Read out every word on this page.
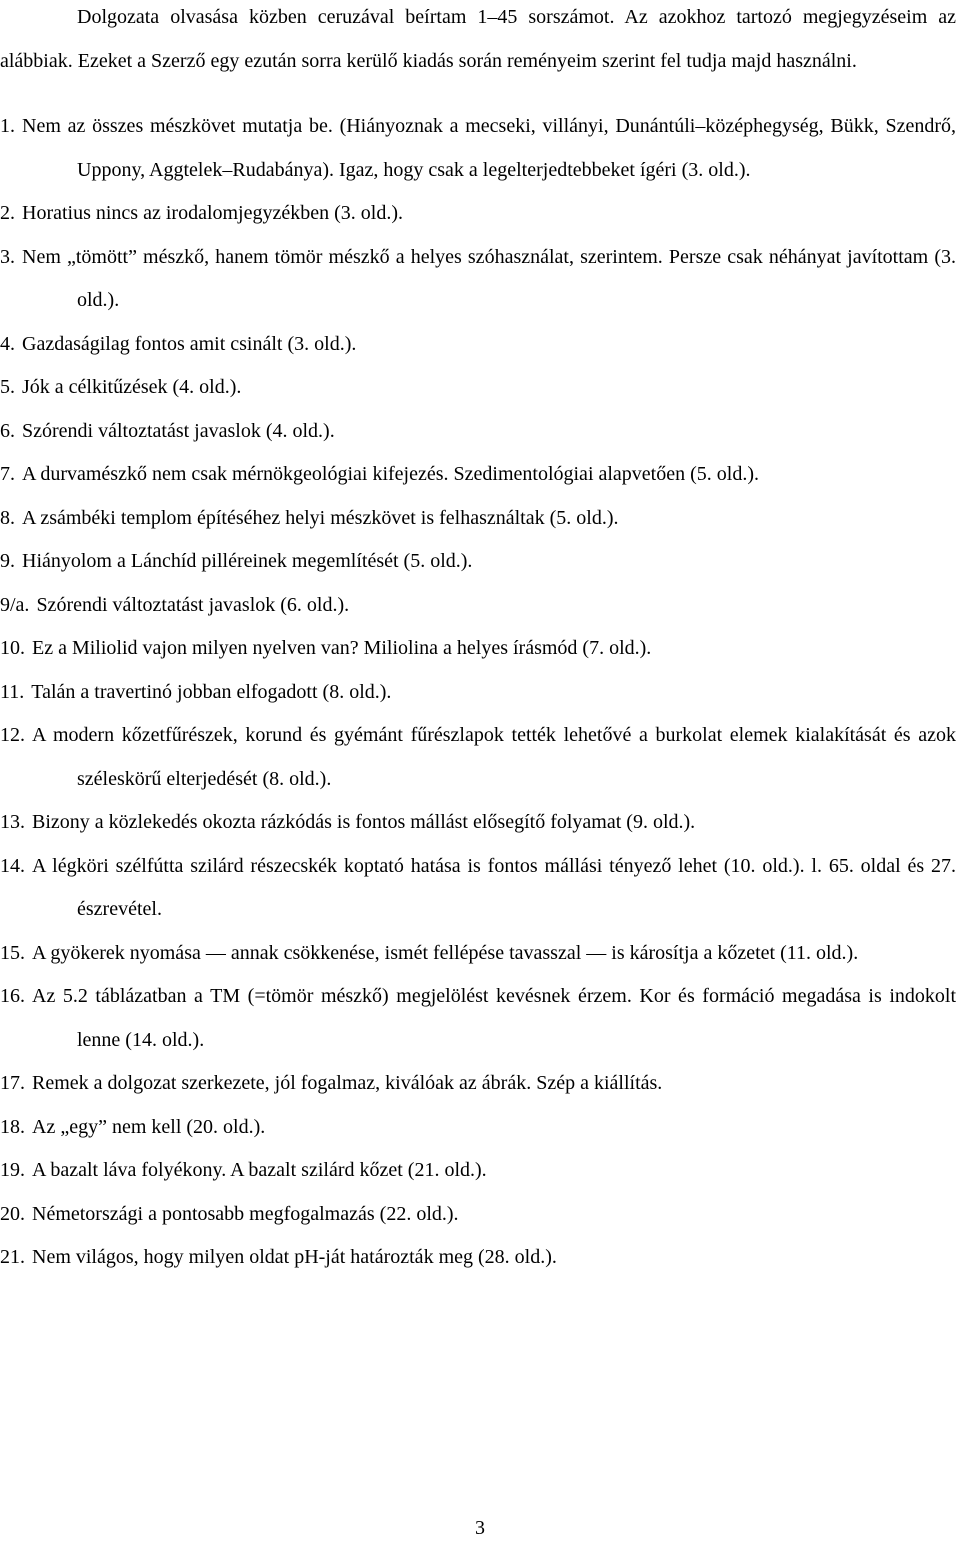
Dolgozata olvasása közben ceruzával beírtam 1–45 sorszámot. Az azokhoz tartozó megjegyzéseim az alábbiak. Ezeket a Szerző egy ezután sorra kerülő kiadás során reményeim szerint fel tudja majd használni.

1. Nem az összes mészkövet mutatja be. (Hiányoznak a mecseki, villányi, Dunántúli–középhegység, Bükk, Szendrő, Uppony, Aggtelek–Rudabánya). Igaz, hogy csak a legelterjedtebbeket ígéri (3. old.).

2. Horatius nincs az irodalomjegyzékben (3. old.).

3. Nem „tömött” mészkő, hanem tömör mészkő a helyes szóhasználat, szerintem. Persze csak néhányat javítottam (3. old.).

4. Gazdaságilag fontos amit csinált (3. old.).

5. Jók a célkitűzések (4. old.).

6. Szórendi változtatást javaslok (4. old.).

7. A durvamészkő nem csak mérnökgeológiai kifejezés. Szedimentológiai alapvetően (5. old.).

8. A zsámbéki templom építéséhez helyi mészkövet is felhasználtak (5. old.).

9. Hiányolom a Lánchíd pilléreinek megemlítését (5. old.).

9/a. Szórendi változtatást javaslok (6. old.).

10. Ez a Miliolid vajon milyen nyelven van? Miliolina a helyes írásmód (7. old.).

11. Talán a travertinó jobban elfogadott (8. old.).

12. A modern kőzetfűrészek, korund és gyémánt fűrészlapok tették lehetővé a burkolat elemek kialakítását és azok széleskörű elterjedését (8. old.).

13. Bizony a közlekedés okozta rázkódás is fontos mállást elősegítő folyamat (9. old.).

14. A légköri szélfútta szilárd részecskék koptató hatása is fontos mállási tényező lehet (10. old.). l. 65. oldal és 27. észrevétel.

15. A gyökerek nyomása ― annak csökkenése, ismét fellépése tavasszal ― is károsítja a kőzetet (11. old.).

16. Az 5.2 táblázatban a TM (=tömör mészkő) megjelölést kevésnek érzem. Kor és formáció megadása is indokolt lenne (14. old.).

17. Remek a dolgozat szerkezete, jól fogalmaz, kiválóak az ábrák. Szép a kiállítás.

18. Az „egy” nem kell (20. old.).

19. A bazalt láva folyékony. A bazalt szilárd kőzet (21. old.).

20. Németországi a pontosabb megfogalmazás (22. old.).

21. Nem világos, hogy milyen oldat pH-ját határozták meg (28. old.).

3
